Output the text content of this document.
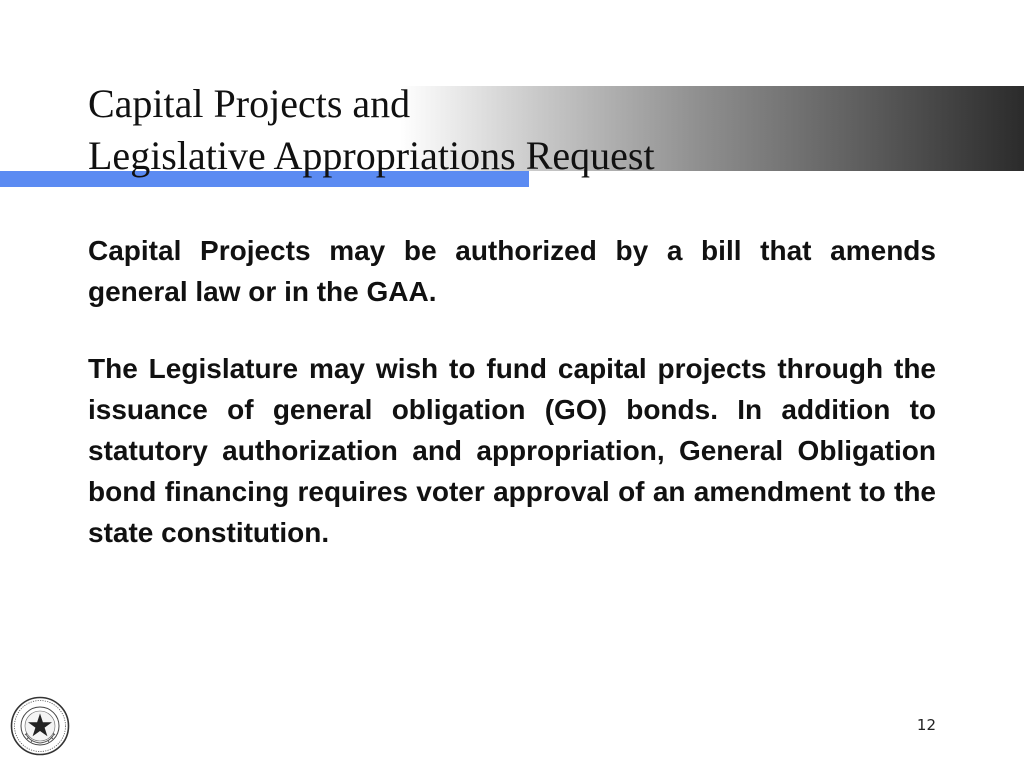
Capital Projects and
Legislative Appropriations Request

Capital Projects may be authorized by a bill that amends general law or in the GAA.

The Legislature may wish to fund capital projects through the issuance of general obligation (GO) bonds. In addition to statutory authorization and appropriation, General Obligation bond financing requires voter approval of an amendment to the state constitution.

12
